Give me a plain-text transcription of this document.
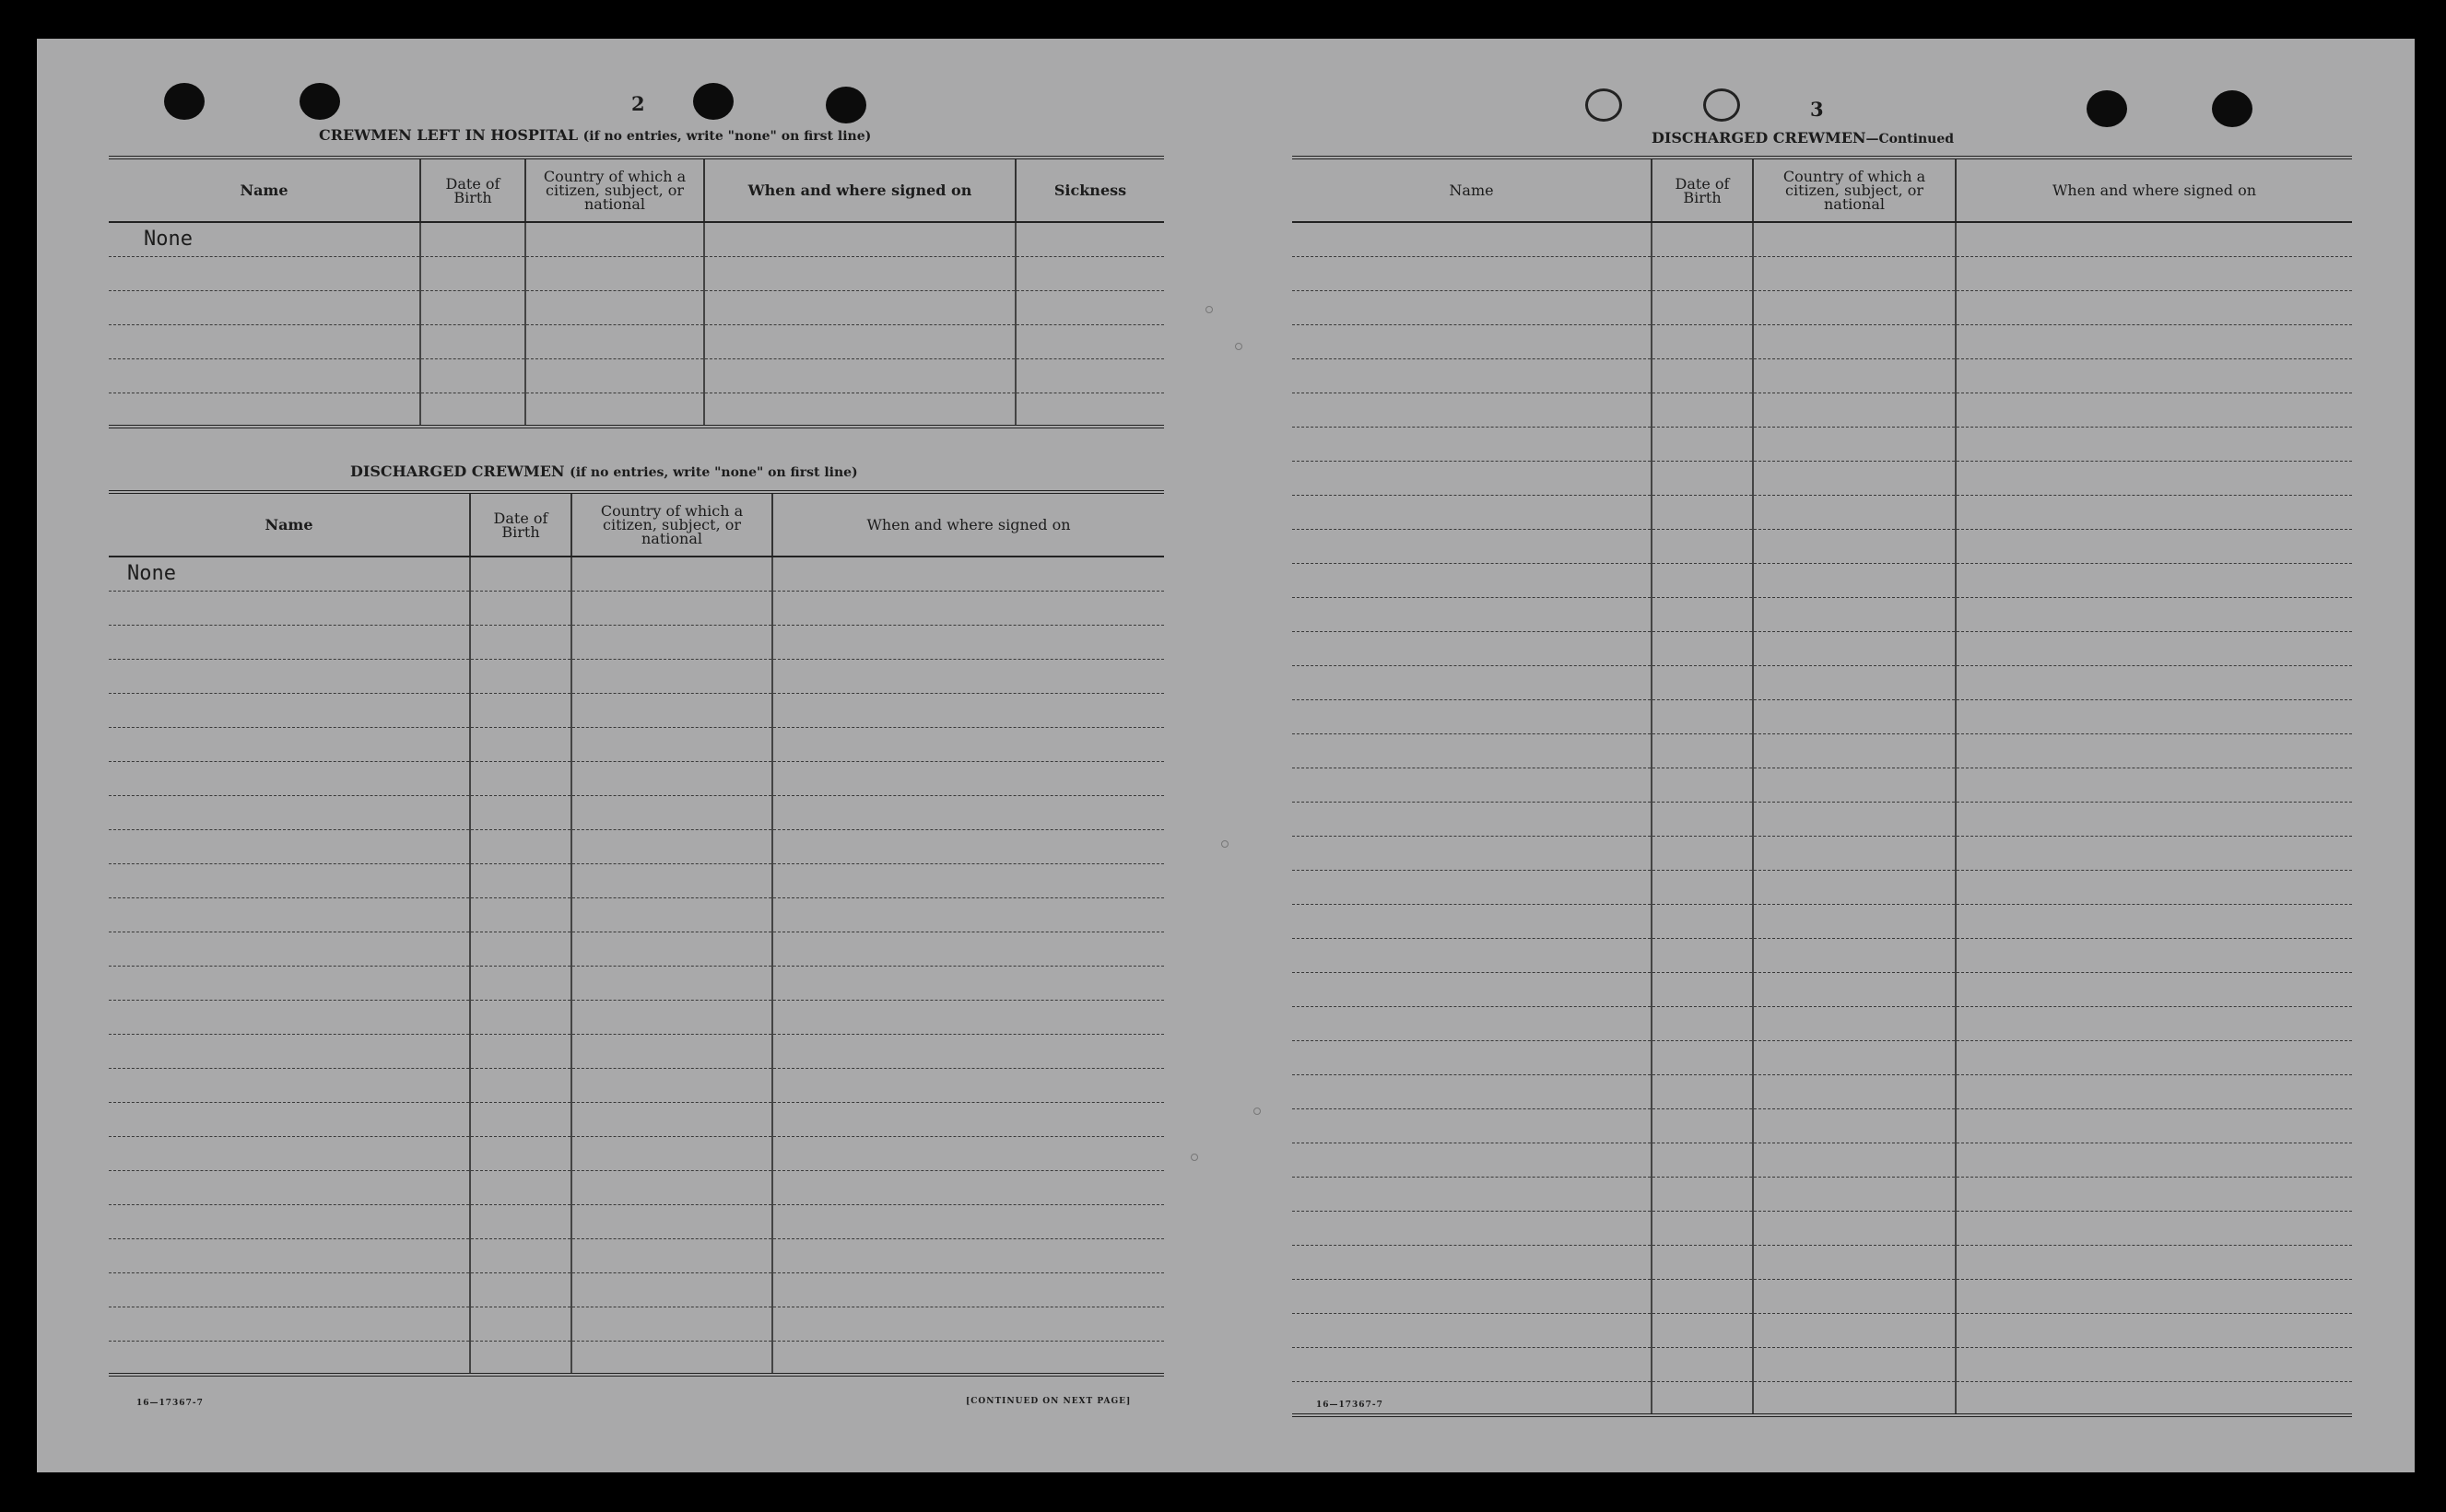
2
CREWMEN LEFT IN HOSPITAL (if no entries, write "none" on first line)
Name	Date of Birth	Country of which a citizen, subject, or national	When and where signed on	Sickness
None				

DISCHARGED CREWMEN (if no entries, write "none" on first line)
Name	Date of Birth	Country of which a citizen, subject, or national	When and where signed on
None			

16—17367-7	[CONTINUED ON NEXT PAGE]
3
DISCHARGED CREWMEN—Continued
Name	Date of Birth	Country of which a citizen, subject, or national	When and where signed on

16—17367-7
